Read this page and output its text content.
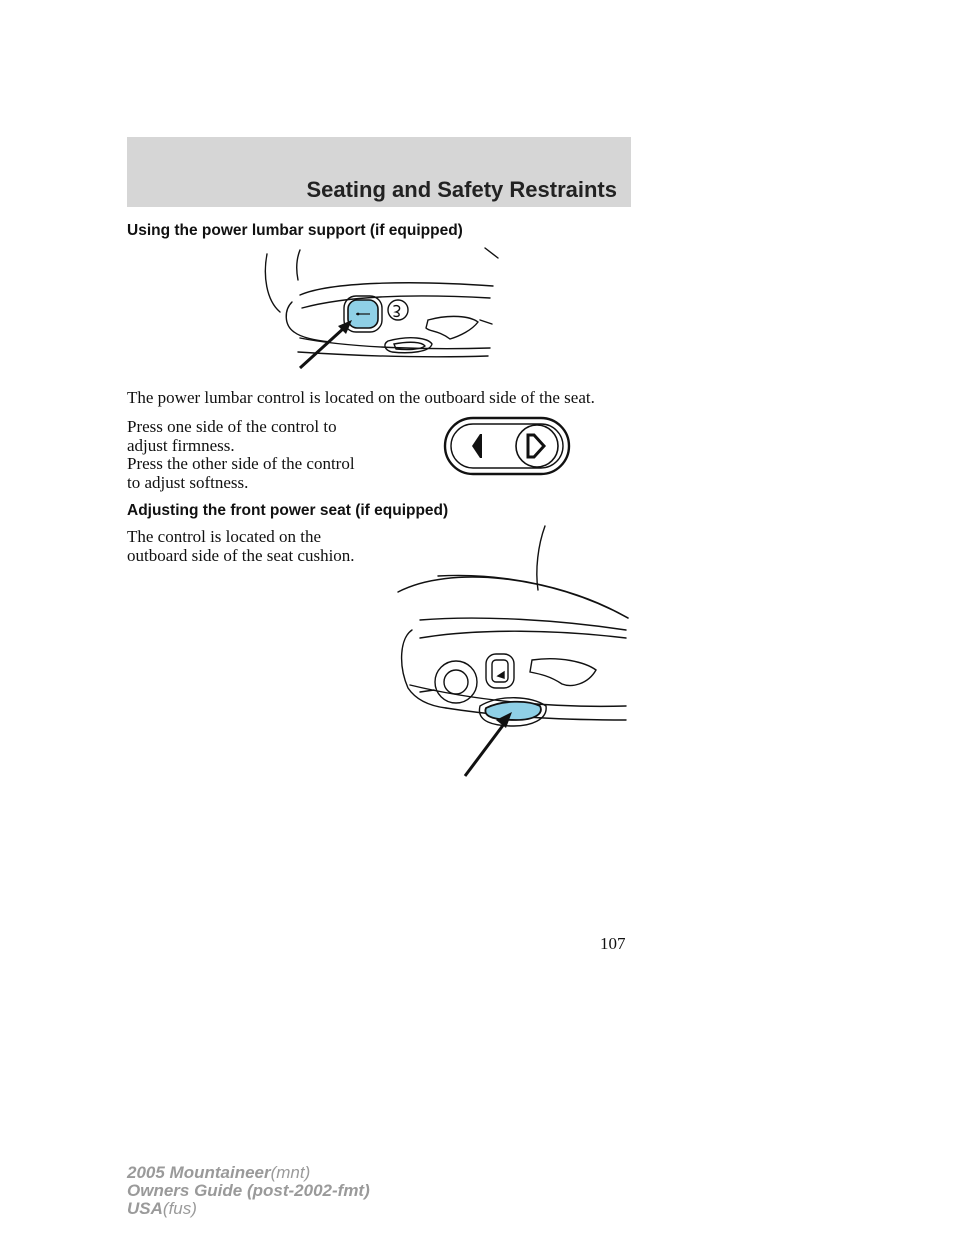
Seating and Safety Restraints
Using the power lumbar support (if equipped)
The power lumbar control is located on the outboard side of the seat.
Press one side of the control to
adjust firmness.
Press the other side of the control
to adjust softness.
Adjusting the front power seat (if equipped)
The control is located on the
outboard side of the seat cushion.
107
2005 Mountaineer(mnt)
Owners Guide (post-2002-fmt)
USA(fus)
